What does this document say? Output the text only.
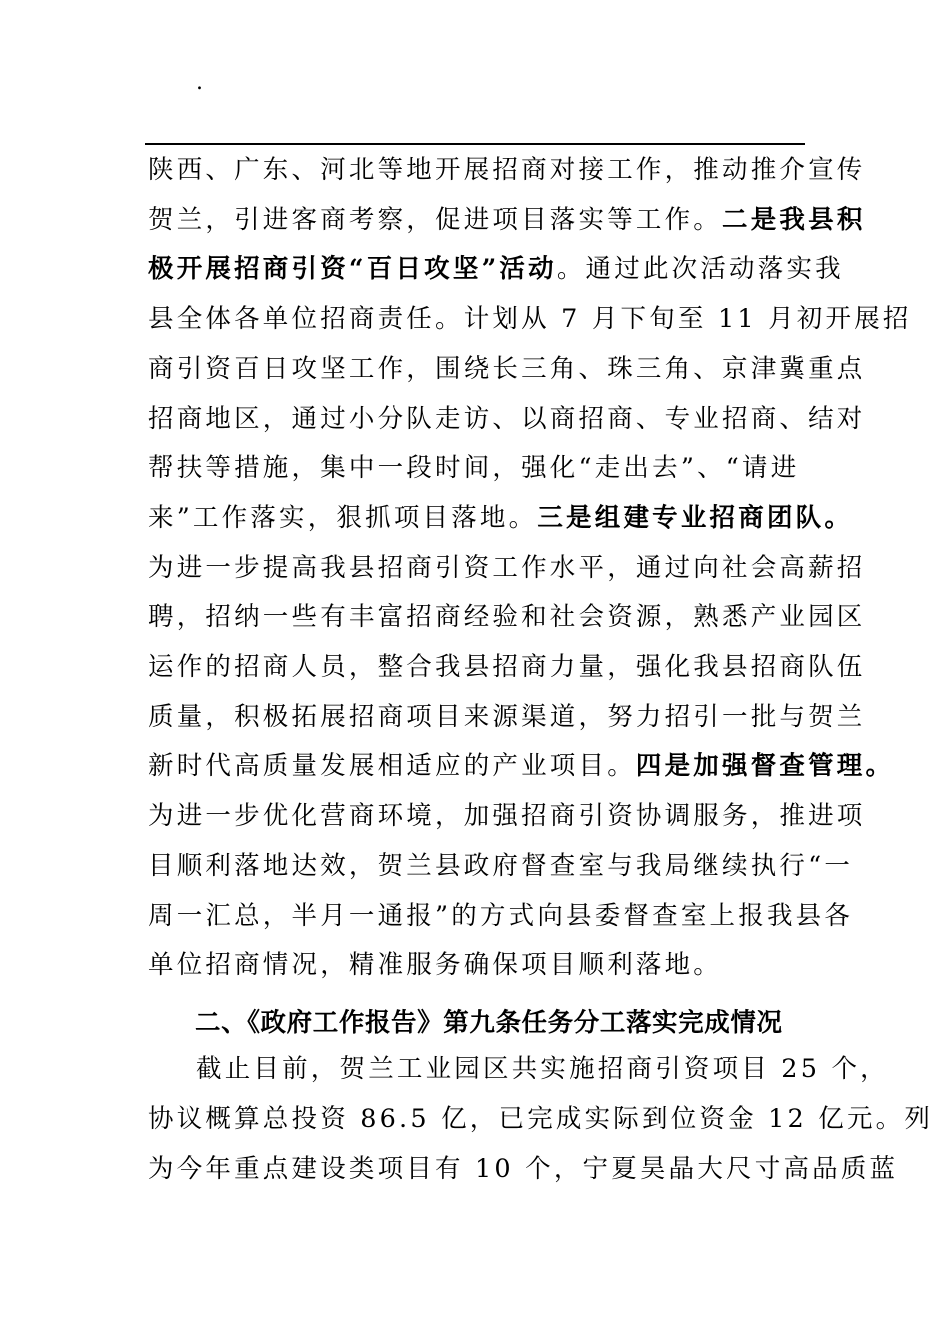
.
陕西、广东、河北等地开展招商对接工作，推动推介宣传
贺兰，引进客商考察，促进项目落实等工作。二是我县积
极开展招商引资“百日攻坚”活动。通过此次活动落实我
县全体各单位招商责任。计划从 7 月下旬至 11 月初开展招
商引资百日攻坚工作，围绕长三角、珠三角、京津冀重点
招商地区，通过小分队走访、以商招商、专业招商、结对
帮扶等措施，集中一段时间，强化“走出去”、“请进
来”工作落实，狠抓项目落地。三是组建专业招商团队。
为进一步提高我县招商引资工作水平，通过向社会高薪招
聘，招纳一些有丰富招商经验和社会资源，熟悉产业园区
运作的招商人员，整合我县招商力量，强化我县招商队伍
质量，积极拓展招商项目来源渠道，努力招引一批与贺兰
新时代高质量发展相适应的产业项目。四是加强督查管理。
为进一步优化营商环境，加强招商引资协调服务，推进项
目顺利落地达效，贺兰县政府督查室与我局继续执行“一
周一汇总，半月一通报”的方式向县委督查室上报我县各
单位招商情况，精准服务确保项目顺利落地。
二、《政府工作报告》第九条任务分工落实完成情况
截止目前，贺兰工业园区共实施招商引资项目 25 个，
协议概算总投资 86.5 亿，已完成实际到位资金 12 亿元。列
为今年重点建设类项目有 10 个，宁夏昊晶大尺寸高品质蓝
